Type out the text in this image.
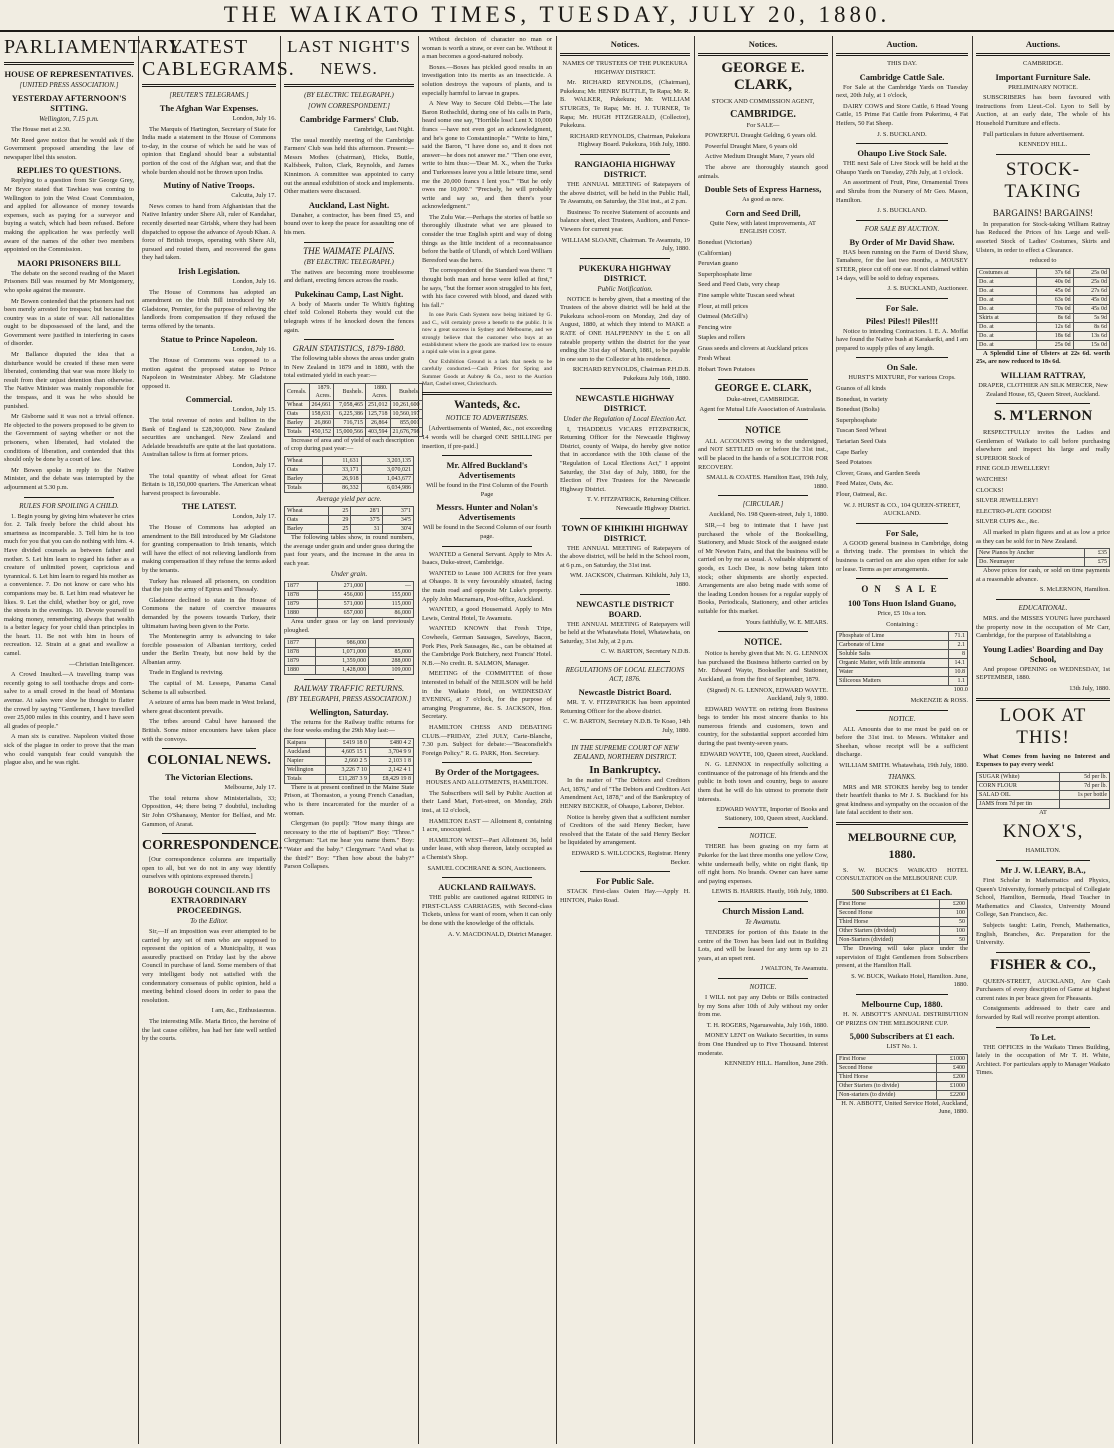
THE WAIKATO TIMES, TUESDAY, JULY 20, 1880.
PARLIAMENTARY.
HOUSE OF REPRESENTATIVES.
[UNITED PRESS ASSOCIATION.]
YESTERDAY AFTERNOON'S SITTING.
Wellington, 7.15 p.m.

The House met at 2.30.

Mr Reed gave notice that he would ask if the Government proposed amending the law of newspaper libel this session.

REPLIES TO QUESTIONS.

Replying to a question from Sir George Grey, Mr Bryce stated that Tawhiao was coming to Wellington to join the West Coast Commission, and applied for allowance of money towards expenses, such as paying for a surveyor and buying a watch, which had been refused. Before making the application he was perfectly well aware of the names of the other two members appointed on the Commission.

MAORI PRISONERS BILL

The debate on the second reading of the Maori Prisoners Bill was resumed by Mr Montgomery, who spoke against the measure.

Mr Bowen contended that the prisoners had not been merely arrested for trespass; but because the country was in a state of war. All nationalities ought to be dispossessed of the land, and the Government were justified in interfering in cases of disorder.

Mr Ballance disputed the idea that a disturbance would be created if these men were liberated, contending that war was more likely to result from their unjust detention than otherwise. The Native Minister was mainly responsible for the trespass, and it was he who should be punished.

Mr Gisborne said it was not a trivial offence. He objected to the powers proposed to be given to the Government of saying whether or not the prisoners, when liberated, had violated the conditions of liberation, and contended that this should only be done by a court of law.

Mr Bowen spoke in reply to the Native Minister, and the debate was interrupted by the adjournment at 5.30 p.m.

RULES FOR SPOILING A CHILD.

1. Begin young by giving him whatever he cries for. 2. Talk freely before the child about his smartness as incomparable. 3. Tell him he is too much for you that you can do nothing with him. 4. Have divided counsels as between father and mother. 5. Let him learn to regard his father as a creature of unlimited power, capricious and tyrannical. 6. Let him learn to regard his mother as a convenience. 7. Do not know or care who his companions may be. 8. Let him read whatever he likes. 9. Let the child, whether boy or girl, rove the streets in the evenings. 10. Devote yourself to making money, remembering always that wealth is a better legacy for your child than principles in the heart. 11. Be not with him in hours of recreation. 12. Strain at a gnat and swallow a camel.

—Christian Intelligencer.

A Crowd Insulted.—A travelling tramp was recently going to sell toothache drops and corn-salve to a small crowd in the head of Montana avenue. At sales were slow he thought to flatter the crowd by saying "Gentlemen, I have travelled over 25,000 miles in this country, and I have seen all grades of people."

A man six is curative. Napoleon visited those sick of the plague in order to prove that the man who could vanquish fear could vanquish the plague also, and he was right.

LATEST CABLEGRAMS.
[REUTER'S TELEGRAMS.]
The Afghan War Expenses.

London, July 16.

The Marquis of Hartington, Secretary of State for India made a statement in the House of Commons to-day, in the course of which he said he was of opinion that England should bear a substantial portion of the cost of the Afghan war, and that the whole burden should not be thrown upon India.

Mutiny of Native Troops.

Calcutta, July 17.

News comes to hand from Afghanistan that the Native Infantry under Shere Ali, ruler of Kandahar, recently deserted near Girishk, where they had been dispatched to oppose the advance of Ayoub Khan. A force of British troops, operating with Shere Ali, pursued and routed them, and recovered the guns they had taken.

Irish Legislation.

London, July 16.

The House of Commons has adopted an amendment on the Irish Bill introduced by Mr Gladstone, Premier, for the purpose of relieving the landlords from compensation if they refused the terms offered by the tenants.

Statue to Prince Napoleon.

London, July 16.

The House of Commons was opposed to a motion against the proposed statue to Prince Napoleon in Westminster Abbey. Mr Gladstone opposed it.

Commercial.

London, July 15.

The total revenue of notes and bullion in the Bank of England is £28,300,000. New Zealand securities are unchanged. New Zealand and Adelaide breadstuffs are quite at the last quotations. Australian tallow is firm at former prices.

London, July 17.

The total quantity of wheat afloat for Great Britain is 18,150,000 quarters. The American wheat harvest prospect is favourable.

THE LATEST.

London, July 17.

The House of Commons has adopted an amendment to the Bill introduced by Mr Gladstone for granting compensation to Irish tenants, which will have the effect of not relieving landlords from making compensation if they refuse the terms asked by the tenants.

Turkey has released all prisoners, on condition that the join the army of Epirus and Thessaly.

Gladstone declined to state in the House of Commons the nature of coercive measures demanded by the powers towards Turkey, their ultimatum having been given to the Porte.

The Montenegrin army is advancing to take forcible possession of Albanian territory, ceded under the Berlin Treaty, but now held by the Albanian army.

Trade in England is reviving.

The capital of M. Lesseps, Panama Canal Scheme is all subscribed.

A seizure of arms has been made in West Ireland, where great discontent prevails.

The tribes around Cabul have harassed the British. Some minor encounters have taken place with the convoys.

COLONIAL NEWS.
The Victorian Elections.

Melbourne, July 17.

The total returns show Ministerialists, 33; Opposition, 44; there being 7 doubtful, including Sir John O'Shanassy, Mentor for Belfast, and Mr. Gammon, of Ararat.

CORRESPONDENCE.

[Our correspondence columns are impartially open to all, but we do not in any way identify ourselves with opinions expressed therein.]

BOROUGH COUNCIL AND ITS EXTRAORDINARY PROCEEDINGS.
To the Editor.

Sir,—If an imposition was ever attempted to be carried by any set of men who are supposed to represent the opinion of a Municipality, it was assuredly practised on Friday last by the above Council in purchase of land. Some members of that very intelligent body not satisfied with the condemnatory consensus of public opinion, held a meeting behind closed doors in order to pass the resolution.

I am, &c., Enthusiasmus.

The interesting Mlle. Maria Brico, the heroine of the last cause célèbre, has had her fate well settled by the courts.

LAST NIGHT'S NEWS.
(BY ELECTRIC TELEGRAPH.)
[OWN CORRESPONDENT.]
Cambridge Farmers' Club.

Cambridge, Last Night.

The usual monthly meeting of the Cambridge Farmers' Club was held this afternoon. Present:—Messrs Mothes (chairman), Hicks, Buttle, Kalfsbeek, Fulton, Clark, Reynolds, and James Kinnimon. A committee was appointed to carry out the annual exhibition of stock and implements. Other matters were discussed.

Auckland, Last Night.

Danaher, a contractor, has been fined £5, and bound over to keep the peace for assaulting one of his men.

THE WAIMATE PLAINS.
(BY ELECTRIC TELEGRAPH.)

The natives are becoming more troublesome and defiant, erecting fences across the roads.

Pukekinau Camp, Last Night.

A body of Maoris under Te Whiti's fighting chief told Colonel Roberts they would cut the telegraph wires if he knocked down the fences again.

GRAIN STATISTICS, 1879-1880.

The following table shows the areas under grain in New Zealand in 1879 and in 1880, with the total estimated yield in each year:—

Cereals.	1879. Acres.	Bushels.	1880. Acres.	Bushels.
Wheat	264,661	7,058,465	251,012	10,261,600
Oats	158,631	6,225,386	125,718	10,560,197
Barley	26,860	716,715	26,864	855,001
Totals	450,152	15,000,566	403,594	21,676,798

Increase of area and of yield of each description of crop during past year:—

Wheat	11,631	3,203,135
Oats	33,171	3,070,021
Barley	26,918	1,043,677
Totals	86,332	6,034,986
Average yield per acre.
Wheat	25	28'1	37'1
Oats	29	37'5	34'5
Barley	25	31	30'4

The following tables show, in round numbers, the average under grain and under grass during the past four years, and the increase in the area in each year.

Under grain.
1877	271,000	—
1878	456,000	155,000
1879	571,000	115,000
1880	657,000	86,000

Area under grass or lay on land previously ploughed.

1877	986,000	
1878	1,071,000	85,000
1879	1,359,000	288,000
1880	1,428,000	109,000
RAILWAY TRAFFIC RETURNS.
[BY TELEGRAPH, PRESS ASSOCIATION.]
Wellington, Saturday.

The returns for the Railway traffic returns for the four weeks ending the 29th May last:—

Kaipara	£419 18 0	£480 4 2
Auckland	4,605 15 1	3,704 9 9
Napier	2,660 2 5	2,103 1 8
Wellington	3,226 7 10	2,142 4 1
Totals	£11,287 3 9	£8,429 19 8

There is at present confined in the Maine State Prison, at Thomaston, a young French Canadian, who is there incarcerated for the murder of a woman.

Clergyman (to pupil): "How many things are necessary to the rite of baptism?" Boy: "Three." Clergyman: "Let me hear you name them." Boy: "Water and the baby." Clergyman: "And what is the third?" Boy: "Then how about the baby?" Parson Collapses.

Without decision of character no man or woman is worth a straw, or ever can be. Without it a man becomes a good-natured nobody.

Boxes.—Boxes has pickled good results in an investigation into its merits as an insecticide. A solution destroys the vapours of plants, and is especially harmful to larvae in grapes.

A New Way to Secure Old Debts.—The late Baron Rothschild, during one of his calls in Paris, heard some one say, "Horrible loss! Lent X 10,000 francs —have not even got an acknowledgment, and he's gone to Constantinople." "Write to him," said the Baron, "I have done so, and it does not answer—he does not answer me." "Then one ever, write to him thus:—'Dear M. X., when the Turks and Turkeesses leave you a little leisure time, send me the 20,000 francs I lent you.'" "But he only owes me 10,000." "Precisely, he will probably write and say so, and then there's your acknowledgment."

The Zulu War.—Perhaps the stories of battle so thoroughly illustrate what we are pleased to consider the true English spirit and way of doing things as the little incident of a reconnaissance before the battle of Ulundi, of which Lord William Beresford was the hero.

The correspondent of the Standard was there: "I thought both man and horse were killed at first," he says, "but the former soon struggled to his feet, with his face covered with blood, and dazed with his fall."

In one Paris Cash System now being initiated by G. and C., will certainly prove a benefit to the public. It is now a great success in Sydney and Melbourne, and we strongly believe that the customer who buys at an establishment where the goods are marked low to ensure a rapid sale wins in a great game.

Our Exhibition Ground is a lark that needs to be carefully conducted.—Cash Prices for Spring and Summer Goods at Aubrey & Co., next to the Auction Mart, Cashel street, Christchurch.

Wanteds, &c.
NOTICE TO ADVERTISERS.

[Advertisements of Wanted, &c., not exceeding 14 words will be charged ONE SHILLING per insertion, if pre-paid.]

Mr. Alfred Buckland's Advertisements

Will be found in the First Column of the Fourth Page

Messrs. Hunter and Nolan's Advertisements

Will be found in the Second Column of our fourth page.

WANTED a General Servant. Apply to Mrs A. Isaacs, Duke-street, Cambridge.

WANTED to Lease 100 ACRES for five years at Ohaupo. It is very favourably situated, facing the main road and opposite Mr Luke's property. Apply John Macnamara, Post-office, Auckland.

WANTED, a good Housemaid. Apply to Mrs Lewis, Central Hotel, Te Awamutu.

WANTED KNOWN that Fresh Tripe, Cowheels, German Sausages, Saveloys, Bacon, Pork Pies, Pork Sausages, &c., can be obtained at the Cambridge Pork Butchery, next Francis' Hotel. N.B.—No credit. R. SALMON, Manager.

MEETING of the COMMITTEE of those interested in behalf of the NEILSON will be held in the Waikato Hotel, on WEDNESDAY EVENING, at 7 o'clock, for the purpose of arranging Programme, &c. S. JACKSON, Hon. Secretary.

HAMILTON CHESS AND DEBATING CLUB.—FRIDAY, 23rd JULY, Carte-Blanche, 7.30 p.m. Subject for debate:—"Beaconsfield's Foreign Policy." R. G. PARK, Hon. Secretary.

By Order of the Mortgagees.

HOUSES AND ALLOTMENTS, HAMILTON.

The Subscribers will Sell by Public Auction at their Land Mart, Fort-street, on Monday, 26th inst., at 12 o'clock,

HAMILTON EAST — Allotment 8, containing 1 acre, unoccupied.

HAMILTON WEST—Part Allotment 36, held under lease, with shop thereon, lately occupied as a Chemist's Shop.

SAMUEL COCHRANE & SON, Auctioneers.

AUCKLAND RAILWAYS.

THE public are cautioned against RIDING in FIRST-CLASS CARRIAGES, with Second-class Tickets, unless for want of room, when it can only be done with the knowledge of the officials.

A. V. MACDONALD, District Manager.

Notices.

NAMES OF TRUSTEES OF THE PUKEKURA HIGHWAY DISTRICT.

Mr. RICHARD REYNOLDS, (Chairman), Pukekura; Mr. HENRY BUTTLE, Te Rapa; Mr. R. B. WALKER, Pukekura; Mr. WILLIAM STURGES, Te Rapa; Mr. H. J. TURNER, Te Rapa; Mr. HUGH FITZGERALD, (Collector), Pukekura.

RICHARD REYNOLDS, Chairman, Pukekura Highway Board. Pukekura, 16th July, 1880.

RANGIAOHIA HIGHWAY DISTRICT.

THE ANNUAL MEETING of Ratepayers of the above district, will be held in the Public Hall, Te Awamutu, on Saturday, the 31st inst., at 2 p.m.

Business: To receive Statement of accounts and balance sheet, elect Trustees, Auditors, and Fence-Viewers for current year.

WILLIAM SLOANE, Chairman. Te Awamutu, 19 July, 1880.

PUKEKURA HIGHWAY DISTRICT.
Public Notification.

NOTICE is hereby given, that a meeting of the Trustees of the above district will be held at the Pukekura school-room on Monday, 2nd day of August, 1880, at which they intend to MAKE a RATE of ONE HALFPENNY in the £ on all rateable property within the district for the year ending the 31st day of March, 1881, to be payable in one sum to the Collector at his residence.

RICHARD REYNOLDS, Chairman P.H.D.B. Pukekura July 16th, 1880.

NEWCASTLE HIGHWAY DISTRICT.
Under the Regulation of Local Election Act.

I, THADDEUS VICARS FITZPATRICK, Returning Officer for the Newcastle Highway District, county of Waipa, do hereby give notice that in accordance with the 10th clause of the "Regulation of Local Elections Act," I appoint Saturday, the 31st day of July, 1880, for the Election of Five Trustees for the Newcastle Highway District.

T. V. FITZPATRICK, Returning Officer. Newcastle Highway District.

TOWN OF KIHIKIHI HIGHWAY DISTRICT.

THE ANNUAL MEETING of Ratepayers of the above district, will be held in the School room, at 6 p.m., on Saturday, the 31st inst.

WM. JACKSON, Chairman. Kihikihi, July 13, 1880.

NEWCASTLE DISTRICT BOARD.

THE ANNUAL MEETING of Ratepayers will be held at the Whatawhata Hotel, Whatawhata, on Saturday, 31st July, at 2 p.m.

C. W. BARTON, Secretary N.D.B.

REGULATIONS OF LOCAL ELECTIONS ACT, 1876.
Newcastle District Board.

MR. T. V. FITZPATRICK has been appointed Returning Officer for the above district.

C. W. BARTON, Secretary N.D.B. Te Koao, 14th July, 1880.

IN THE SUPREME COURT OF NEW ZEALAND, NORTHERN DISTRICT.
In Bankruptcy.

In the matter of "The Debtors and Creditors Act, 1876," and of "The Debtors and Creditors Act Amendment Act, 1878," and of the Bankruptcy of HENRY BECKER, of Ohaupo, Laborer, Debtor.

Notice is hereby given that a sufficient number of Creditors of the said Henry Becker, have resolved that the Estate of the said Henry Becker be liquidated by arrangement.

EDWARD S. WILLCOCKS, Registrar. Henry Becker.

For Public Sale.

STACK First-class Oaten Hay.—Apply H. HINTON, Piako Road.

Notices.
GEORGE E. CLARK,

STOCK AND COMMISSION AGENT,

CAMBRIDGE.

For SALE—

POWERFUL Draught Gelding, 6 years old.

Powerful Draught Mare, 6 years old

Active Medium Draught Mare, 7 years old

The above are thoroughly staunch good animals.

Double Sets of Express Harness,

As good as new.

Corn and Seed Drill,

Quite New, with latest improvements, AT ENGLISH COST.

Bonedust (Victorian)
(Californian)
Peruvian guano
Superphosphate lime
Seed and Feed Oats, very cheap
Fine sample white Tuscan seed wheat
Flour, at mill prices
Oatmeal (McGill's)
Fencing wire
Staples and rollers
Grass seeds and clovers at Auckland prices
Fresh Wheat
Hobart Town Potatoes
GEORGE E. CLARK,

Duke-street, CAMBRIDGE.

Agent for Mutual Life Association of Australasia.

NOTICE

ALL ACCOUNTS owing to the undersigned, and NOT SETTLED on or before the 31st inst., will be placed in the hands of a SOLICITOR FOR RECOVERY.

SMALL & COATES. Hamilton East, 19th July, 1880.

[CIRCULAR.]

Auckland, No. 198 Queen-street, July 1, 1880.

SIR,—I beg to intimate that I have just purchased the whole of the Bookselling, Stationery, and Music Stock of the assigned estate of Mr Newton Fairs, and that the business will be carried on by me as usual. A valuable shipment of goods, ex Loch Dee, is now being taken into stock; other shipments are shortly expected. Arrangements are also being made with some of the leading London houses for a regular supply of Books, Periodicals, Stationery, and other articles suitable for this market.

Yours faithfully, W. E. MEARS.

NOTICE.

Notice is hereby given that Mr. N. G. LENNOX has purchased the Business hitherto carried on by Mr. Edward Wayte, Bookseller and Stationer, Auckland, as from the first of September, 1879.

(Signed) N. G. LENNOX, EDWARD WAYTE. Auckland, July 9, 1880.

EDWARD WAYTE on retiring from Business begs to tender his most sincere thanks to his numerous friends and customers, town and country, for the substantial support accorded him during the past twenty-seven years.

EDWARD WAYTE, 100, Queen street, Auckland.

N. G. LENNOX in respectfully soliciting a continuance of the patronage of his friends and the public in both town and country, begs to assure them that he will do his utmost to promote their interests.

EDWARD WAYTE, Importer of Books and Stationery, 100, Queen street, Auckland.

NOTICE.

THERE has been grazing on my farm at Pukerke for the last three months one yellow Cow, white underneath belly, white on right flank, tip off right horn. No brands. Owner can have same and paying expenses.

LEWIS B. HARRIS. Hautly, 16th July, 1880.

Church Mission Land.
Te Awamutu.

TENDERS for portion of this Estate in the centre of the Town has been laid out in Building Lots, and will be leased for any term up to 21 years, at an upset rent.

J WALTON, Te Awamutu.

NOTICE.

I WILL not pay any Debts or Bills contracted by my Sons after 10th of July without my order from me.

T. H. ROGERS, Ngaruawahia, July 16th, 1880.

MONEY LENT on Waikato Securities, in sums from One Hundred up to Five Thousand. Interest moderate.

KENNEDY HILL. Hamilton, June 29th.

Auction.

THIS DAY.

Cambridge Cattle Sale.

For Sale at the Cambridge Yards on Tuesday next, 20th July, at 1 o'clock,

DAIRY COWS and Store Cattle, 6 Head Young Cattle, 15 Prime Fat Cattle from Pukerimu, 4 Fat Heifers, 50 Fat Sheep.

J. S. BUCKLAND.

Ohaupo Live Stock Sale.

THE next Sale of Live Stock will be held at the Ohaupo Yards on Tuesday, 27th July, at 1 o'clock.

An assortment of Fruit, Pine, Ornamental Trees and Shrubs from the Nursery of Mr Geo. Mason, Hamilton.

J. S. BUCKLAND.

FOR SALE BY AUCTION.
By Order of Mr David Shaw.

HAS been running on the Farm of David Shaw, Tamahere, for the last two months, a MOUSEY STEER, piece cut off one ear. If not claimed within 14 days, will be sold to defray expenses.

J. S. BUCKLAND, Auctioneer.

For Sale.
Piles! Piles!! Piles!!!

Notice to intending Contractors. I. E. A. Moffat have found the Native bush at Karakariki, and I am prepared to supply piles of any length.

On Sale.

HURST'S MIXTURE, For various Crops.

Guanos of all kinds
Bonedust, in variety
Bonedust (Bolts)
Superphosphate
Tuscan Seed Wheat
Tartarian Seed Oats
Cape Barley
Seed Potatoes
Clover, Grass, and Garden Seeds
Feed Maize, Oats, &c.
Flour, Oatmeal, &c.

W. J. HURST & CO., 104 QUEEN-STREET, AUCKLAND.

For Sale,

A GOOD general business in Cambridge, doing a thriving trade. The premises in which the business is carried on are also open either for sale or lease. Terms as per arrangements.

ON SALE
100 Tons Huon Island Guano,

Price, £5 10s a ton.

Containing :

Phosphate of Lime	71.1
Carbonate of Lime	2.1
Soluble Salts	8
Organic Matter, with little ammonia	14.1
Water	10.8
Siliceous Matters	1.1

100.0

McKENZIE & ROSS.

NOTICE.

ALL Amounts due to me must be paid on or before the 31st inst. to Messrs. Whitaker and Sheehan, whose receipt will be a sufficient discharge.

WILLIAM SMITH. Whatawhata, 19th July, 1880.

THANKS.

MRS and MR STOKES hereby beg to tender their heartfelt thanks to Mr J. S. Buckland for his great kindness and sympathy on the occasion of the late fatal accident to their son.

MELBOURNE CUP, 1880.

S. W. BUCK'S WAIKATO HOTEL CONSULTATION on the MELBOURNE CUP.

500 Subscribers at £1 Each.
First Horse	£200
Second Horse	100
Third Horse	50
Other Starters (divided)	100
Non-Starters (divided)	50

The Drawing will take place under the supervision of Eight Gentlemen from Subscribers present, at the Hamilton Hall.

S. W. BUCK, Waikato Hotel, Hamilton. June, 1880.

Melbourne Cup, 1880.

H. N. ABBOTT'S ANNUAL DISTRIBUTION OF PRIZES ON THE MELBOURNE CUP.

5,000 Subscribers at £1 each.

LIST No. 1.

First Horse	£1000
Second Horse	£400
Third Horse	£200
Other Starters (to divide)	£1000
Non-starters (to divide)	£2200

H. N. ABBOTT, United Service Hotel, Auckland, June, 1880.

Auctions.

CAMBRIDGE.

Important Furniture Sale.

PRELIMINARY NOTICE.

SUBSCRIBERS has been favoured with instructions from Lieut.-Col. Lyon to Sell by Auction, at an early date, The whole of his Household Furniture and effects.

Full particulars in future advertisement.

KENNEDY HILL.

STOCK-TAKING

BARGAINS! BARGAINS!

In preparation for Stock-taking William Rattray has Reduced the Prices of his Large and well-assorted Stock of Ladies' Costumes, Skirts and Ulsters, in order to effect a Clearance.

reduced to

Costumes at	37s 6d	25s 0d
Do. at	40s 0d	25s 0d
Do. at	45s 0d	27s 6d
Do. at	63s 0d	45s 0d
Do. at	70s 0d	45s 0d
Skirts at	8s 6d	5s 9d
Do. at	12s 6d	8s 6d
Do. at	18s 6d	13s 6d
Do. at	25s 0d	15s 0d

A Splendid Line of Ulsters at 22s 6d. worth 25s, are now reduced to 18s 6d.

WILLIAM RATTRAY,

DRAPER, CLOTHIER AN SILK MERCER, New Zealand House, 65, Queen Street, Auckland.

S. M'LERNON

RESPECTFULLY invites the Ladies and Gentlemen of Waikato to call before purchasing elsewhere and inspect his large and really SUPERIOR Stock of

FINE GOLD JEWELLERY!
WATCHES!
CLOCKS!
SILVER JEWELLERY!
ELECTRO-PLATE GOODS!
SILVER CUPS &c., &c.

All marked in plain figures and at as low a price as they can be sold for in New Zealand.

New Pianos by Ancher	£35
Do. Neumayer	£75

Above prices for cash, or sold on time payments at a reasonable advance.

S. McLERNON, Hamilton.

EDUCATIONAL.

MRS. and the MISSES YOUNG have purchased the property now in the occupation of Mr Carr, Cambridge, for the purpose of Establishing a

Young Ladies' Boarding and Day School,

And propose OPENING on WEDNESDAY, 1st SEPTEMBER, 1880.

13th July, 1880.

LOOK AT THIS!

What Comes from having no Interest and Expenses to pay every week!

SUGAR (White)	5d per lb.
CORN FLOUR	7d per lb.
SALAD OIL	1s per bottle
JAMS from 7d per tin	

AT

KNOX'S,

HAMILTON.

Mr J. W. LEARY, B.A.,

First Scholar in Mathematics and Physics, Queen's University, formerly principal of Collegiate School, Hamilton, Bermuda, Head Teacher in Mathematics and Classics, University Mound College, San Francisco, &c.

Subjects taught: Latin, French, Mathematics, English, Branches, &c. Preparation for the University.

FISHER & CO.,

QUEEN-STREET, AUCKLAND, Are Cash Purchasers of every description of Game at highest current rates in per brace given for Pheasants.

Consignments addressed to their care and forwarded by Rail will receive prompt attention.

To Let.

THE OFFICES in the Waikato Times Building, lately in the occupation of Mr T. H. White, Architect. For particulars apply to Manager Waikato Times.
